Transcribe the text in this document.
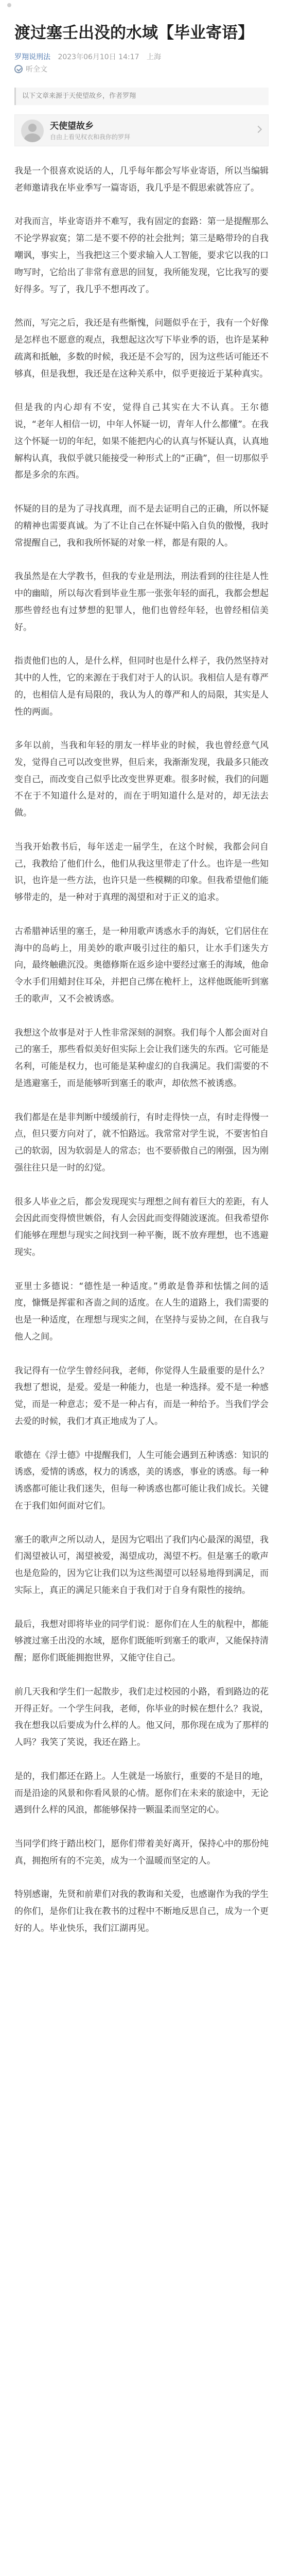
渡过塞壬出没的水域【毕业寄语】
罗翔说刑法 2023年06月10日 14:17 上海
听全文
以下文章来源于天使望故乡，作者罗翔
天使望故乡
自由上看见权衣和我你的罗拜

我是一个很喜欢说话的人，几乎每年都会写毕业寄语，所以当编辑老师邀请我在毕业季写一篇寄语，我几乎是不假思索就答应了。

对我而言，毕业寄语并不难写，我有固定的套路：第一是提醒那么不论学界寂寞；第二是不要不停的社会批判；第三是略带玲的自我嘲讽，事实上，当我把这三个要求输入人工智能，要求它以我的口吻写时，它给出了非常有意思的回复，我所能发现，它比我写的要好得多。写了，我几乎不想再改了。

然而，写完之后，我还是有些惭愧，问题似乎在于，我有一个好像是怎样也不愿意的观点，我想起这次写下毕业季的语，也许是某种疏离和抵触，多数的时候，我还是不会写的，因为这些话可能还不够真，但是我想，我还是在这种关系中，似乎更接近于某种真实。

但是我的内心却有不安，觉得自己其实在大不认真。王尔德说，“老年人相信一切，中年人怀疑一切，青年人什么都懂”。在我这个怀疑一切的年纪，如果不能把内心的认真与怀疑认真，认真地解构认真，我似乎就只能接受一种形式上的“正确”，但一切那似乎都是多余的东西。

怀疑的目的是为了寻找真理，而不是去证明自己的正确，所以怀疑的精神也需要真诚。为了不让自己在怀疑中陷入自负的傲慢，我时常提醒自己，我和我所怀疑的对象一样，都是有限的人。

我虽然是在大学教书，但我的专业是刑法，刑法看到的往往是人性中的幽暗，所以每次看到毕业生那一张张年轻的面孔，我都会想起那些曾经也有过梦想的犯罪人，他们也曾经年轻，也曾经相信美好。

指责他们也的人，是什么样，但同时也是什么样子，我仍然坚持对其中的人性，它的来源在于我们对于人的认识。我相信人是有尊严的，也相信人是有局限的，我认为人的尊严和人的局限，其实是人性的两面。

多年以前，当我和年轻的朋友一样毕业的时候，我也曾经意气风发，觉得自己可以改变世界，但后来，我渐渐发现，我最多只能改变自己，而改变自己似乎比改变世界更难。很多时候，我们的问题不在于不知道什么是对的，而在于明知道什么是对的，却无法去做。

当我开始教书后，每年送走一届学生，在这个时候，我都会问自己，我教给了他们什么，他们从我这里带走了什么。也许是一些知识，也许是一些方法，也许只是一些模糊的印象。但我希望他们能够带走的，是一种对于真理的渴望和对于正义的追求。

古希腊神话里的塞壬，是一种用歌声诱惑水手的海妖，它们居住在海中的岛屿上，用美妙的歌声吸引过往的船只，让水手们迷失方向，最终触礁沉没。奥德修斯在返乡途中要经过塞壬的海域，他命令水手们用蜡封住耳朵，并把自己绑在桅杆上，这样他既能听到塞壬的歌声，又不会被诱惑。

我想这个故事是对于人性非常深刻的洞察。我们每个人都会面对自己的塞壬，那些看似美好但实际上会让我们迷失的东西。它可能是名利，可能是权力，也可能是某种虚幻的自我满足。我们需要的不是逃避塞壬，而是能够听到塞壬的歌声，却依然不被诱惑。

我们都是在是非判断中缓缓前行，有时走得快一点，有时走得慢一点，但只要方向对了，就不怕路远。我常常对学生说，不要害怕自己的软弱，因为软弱是人的常态；也不要骄傲自己的刚强，因为刚强往往只是一时的幻觉。

很多人毕业之后，都会发现现实与理想之间有着巨大的差距，有人会因此而变得愤世嫉俗，有人会因此而变得随波逐流。但我希望你们能够在理想与现实之间找到一种平衡，既不放弃理想，也不逃避现实。

亚里士多德说：“德性是一种适度。”勇敢是鲁莽和怯懦之间的适度，慷慨是挥霍和吝啬之间的适度。在人生的道路上，我们需要的也是一种适度，在理想与现实之间，在坚持与妥协之间，在自我与他人之间。

我记得有一位学生曾经问我，老师，你觉得人生最重要的是什么？我想了想说，是爱。爱是一种能力，也是一种选择。爱不是一种感觉，而是一种意志；爱不是一种占有，而是一种给予。当我们学会去爱的时候，我们才真正地成为了人。

歌德在《浮士德》中提醒我们，人生可能会遇到五种诱惑：知识的诱惑，爱情的诱惑，权力的诱惑，美的诱惑，事业的诱惑。每一种诱惑都可能让我们迷失，但每一种诱惑也都可能让我们成长。关键在于我们如何面对它们。

塞壬的歌声之所以动人，是因为它唱出了我们内心最深的渴望，我们渴望被认可，渴望被爱，渴望成功，渴望不朽。但是塞壬的歌声也是危险的，因为它让我们以为这些渴望可以轻易地得到满足，而实际上，真正的满足只能来自于我们对于自身有限性的接纳。

最后，我想对即将毕业的同学们说：愿你们在人生的航程中，都能够渡过塞壬出没的水域，愿你们既能听到塞壬的歌声，又能保持清醒；愿你们既能拥抱世界，又能守住自己。

前几天我和学生们一起散步，我们走过校园的小路，看到路边的花开得正好。一个学生问我，老师，你毕业的时候在想什么？我说，我在想我以后要成为什么样的人。他又问，那你现在成为了那样的人吗？我笑了笑说，我还在路上。

是的，我们都还在路上。人生就是一场旅行，重要的不是目的地，而是沿途的风景和你看风景的心情。愿你们在未来的旅途中，无论遇到什么样的风浪，都能够保持一颗温柔而坚定的心。

当同学们终于踏出校门，愿你们带着美好离开，保持心中的那份纯真，拥抱所有的不完美，成为一个温暖而坚定的人。

特别感谢，先贤和前辈们对我的教诲和关爱，也感谢作为我的学生的你们，是你们让我在教书的过程中不断地反思自己，成为一个更好的人。毕业快乐，我们江湖再见。
